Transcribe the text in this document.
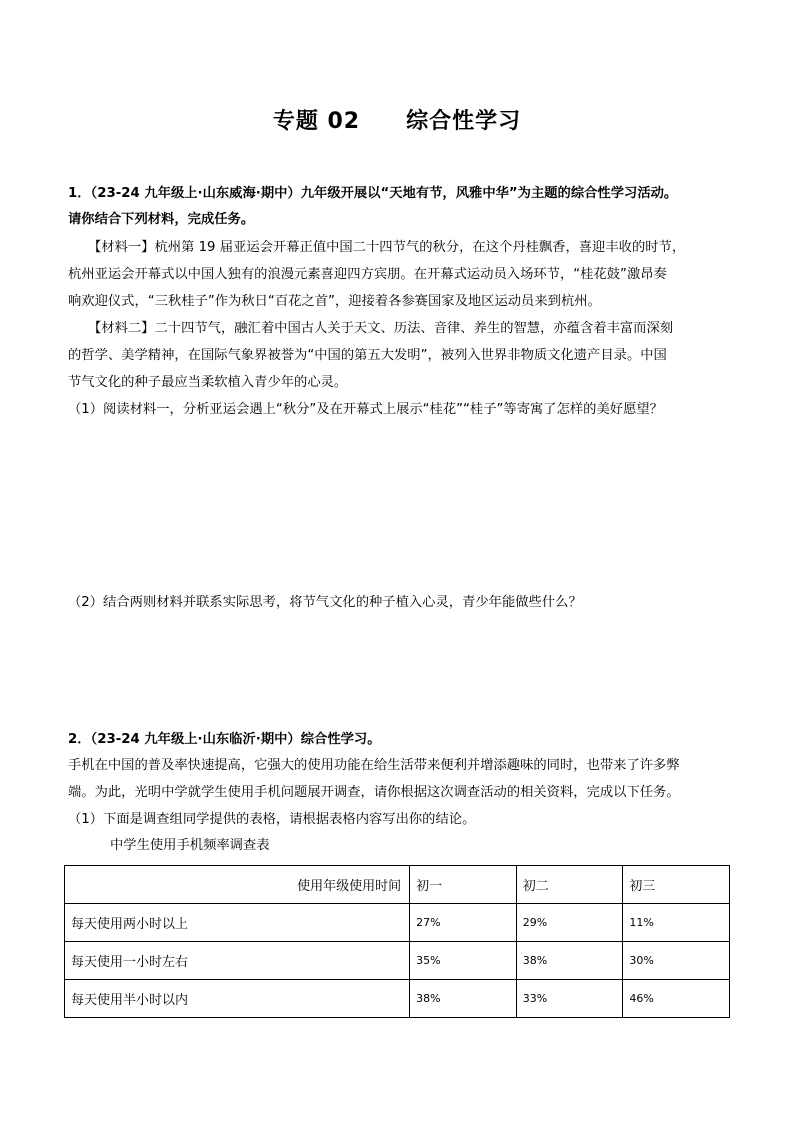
专题 02 综合性学习
1．（23-24 九年级上·山东威海·期中）九年级开展以“天地有节，风雅中华”为主题的综合性学习活动。
请你结合下列材料，完成任务。
【材料一】杭州第 19 届亚运会开幕正值中国二十四节气的秋分，在这个丹桂飘香，喜迎丰收的时节，
杭州亚运会开幕式以中国人独有的浪漫元素喜迎四方宾朋。在开幕式运动员入场环节，“桂花鼓”激昂奏
响欢迎仪式，“三秋桂子”作为秋日“百花之首”，迎接着各参赛国家及地区运动员来到杭州。
【材料二】二十四节气，融汇着中国古人关于天文、历法、音律、养生的智慧，亦蕴含着丰富而深刻
的哲学、美学精神，在国际气象界被誉为“中国的第五大发明”，被列入世界非物质文化遗产目录。中国
节气文化的种子最应当柔软植入青少年的心灵。
（1）阅读材料一，分析亚运会遇上“秋分”及在开幕式上展示“桂花”“桂子”等寄寓了怎样的美好愿望？
（2）结合两则材料并联系实际思考，将节气文化的种子植入心灵，青少年能做些什么？
2．（23-24 九年级上·山东临沂·期中）综合性学习。
手机在中国的普及率快速提高，它强大的使用功能在给生活带来便利并增添趣味的同时，也带来了许多弊
端。为此，光明中学就学生使用手机问题展开调查，请你根据这次调查活动的相关资料，完成以下任务。
（1）下面是调查组同学提供的表格，请根据表格内容写出你的结论。
中学生使用手机频率调查表
使用年级使用时间	初一	初二	初三
每天使用两小时以上	27%	29%	11%
每天使用一小时左右	35%	38%	30%
每天使用半小时以内	38%	33%	46%
